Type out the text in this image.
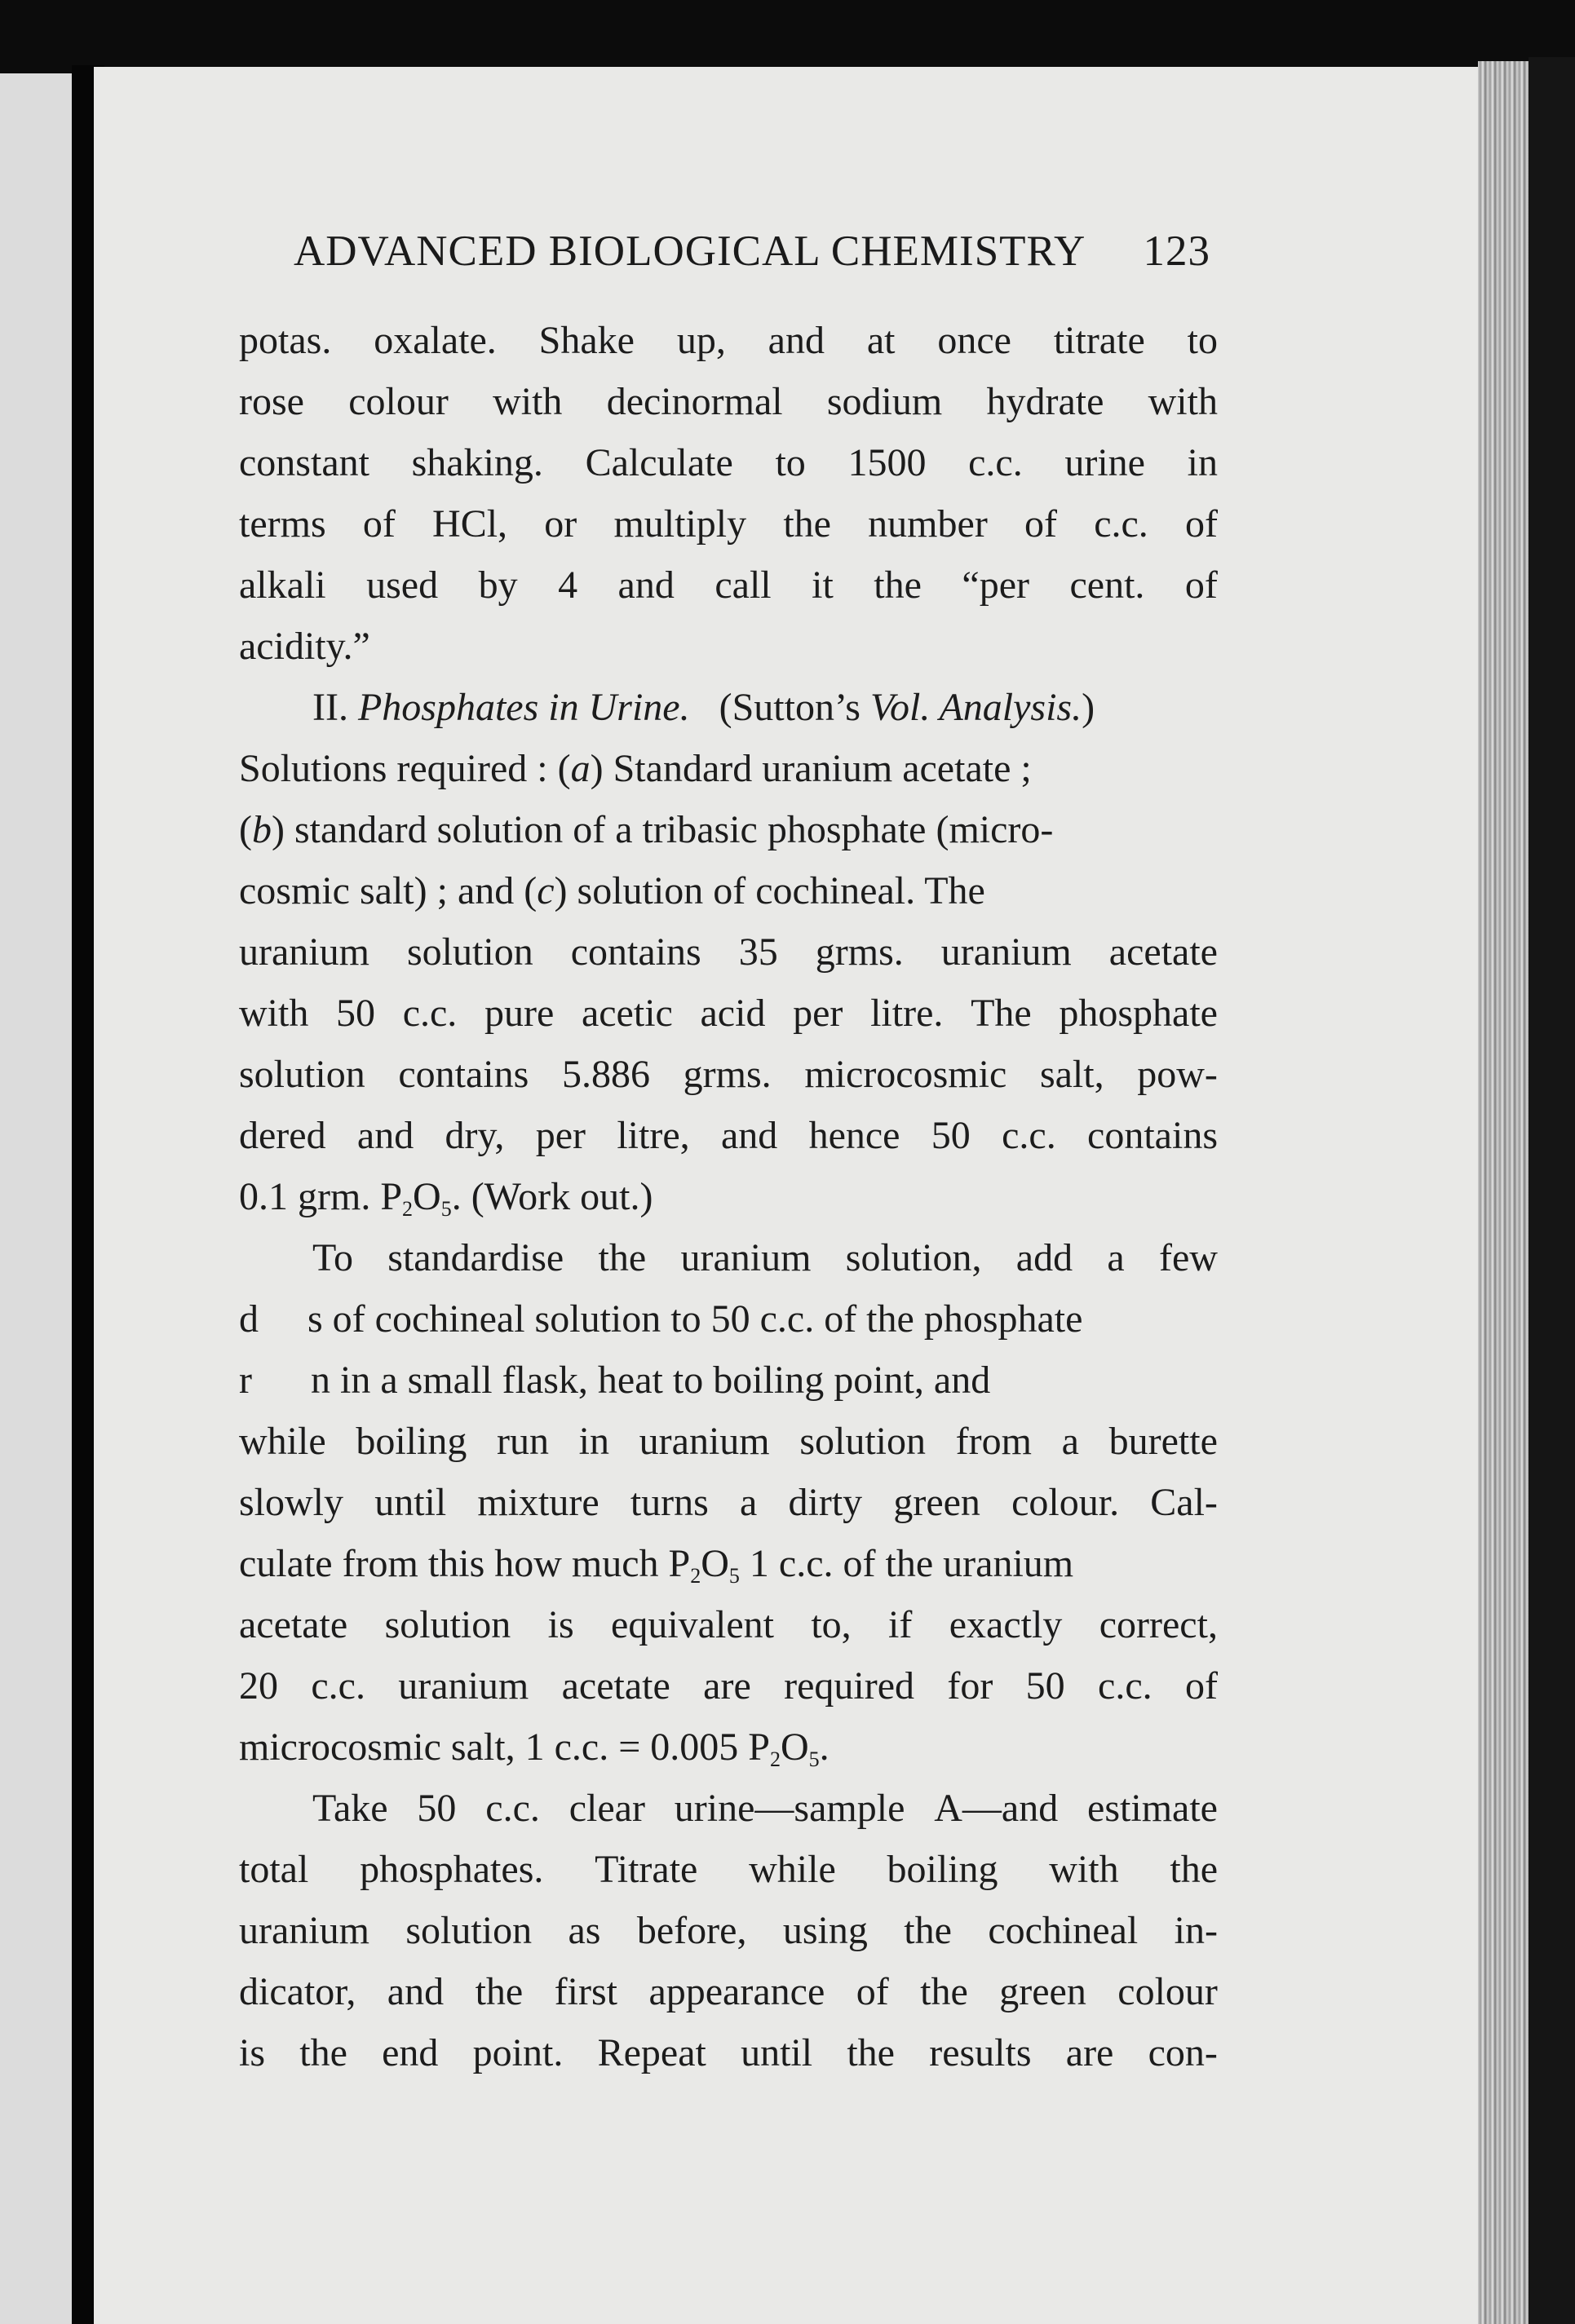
ADVANCED BIOLOGICAL CHEMISTRY 123
potas. oxalate. Shake up, and at once titrate to
rose colour with decinormal sodium hydrate with
constant shaking. Calculate to 1500 c.c. urine in
terms of HCl, or multiply the number of c.c. of
alkali used by 4 and call it the “per cent. of
acidity.”
II. Phosphates in Urine. (Sutton’s Vol. Analysis.)
Solutions required : (a) Standard uranium acetate ;
(b) standard solution of a tribasic phosphate (micro-
cosmic salt) ; and (c) solution of cochineal. The
uranium solution contains 35 grms. uranium acetate
with 50 c.c. pure acetic acid per litre. The phosphate
solution contains 5.886 grms. microcosmic salt, pow-
dered and dry, per litre, and hence 50 c.c. contains
0.1 grm. $P_2O_5$. (Work out.)
To standardise the uranium solution, add a few
d     s of cochineal solution to 50 c.c. of the phosphate
r      n in a small flask, heat to boiling point, and
while boiling run in uranium solution from a burette
slowly until mixture turns a dirty green colour. Cal-
culate from this how much $P_2O_5$ 1 c.c. of the uranium
acetate solution is equivalent to, if exactly correct,
20 c.c. uranium acetate are required for 50 c.c. of
microcosmic salt, 1 c.c. = 0.005 $P_2O_5$.
Take 50 c.c. clear urine—sample A—and estimate
total phosphates. Titrate while boiling with the
uranium solution as before, using the cochineal in-
dicator, and the first appearance of the green colour
is the end point. Repeat until the results are con-
